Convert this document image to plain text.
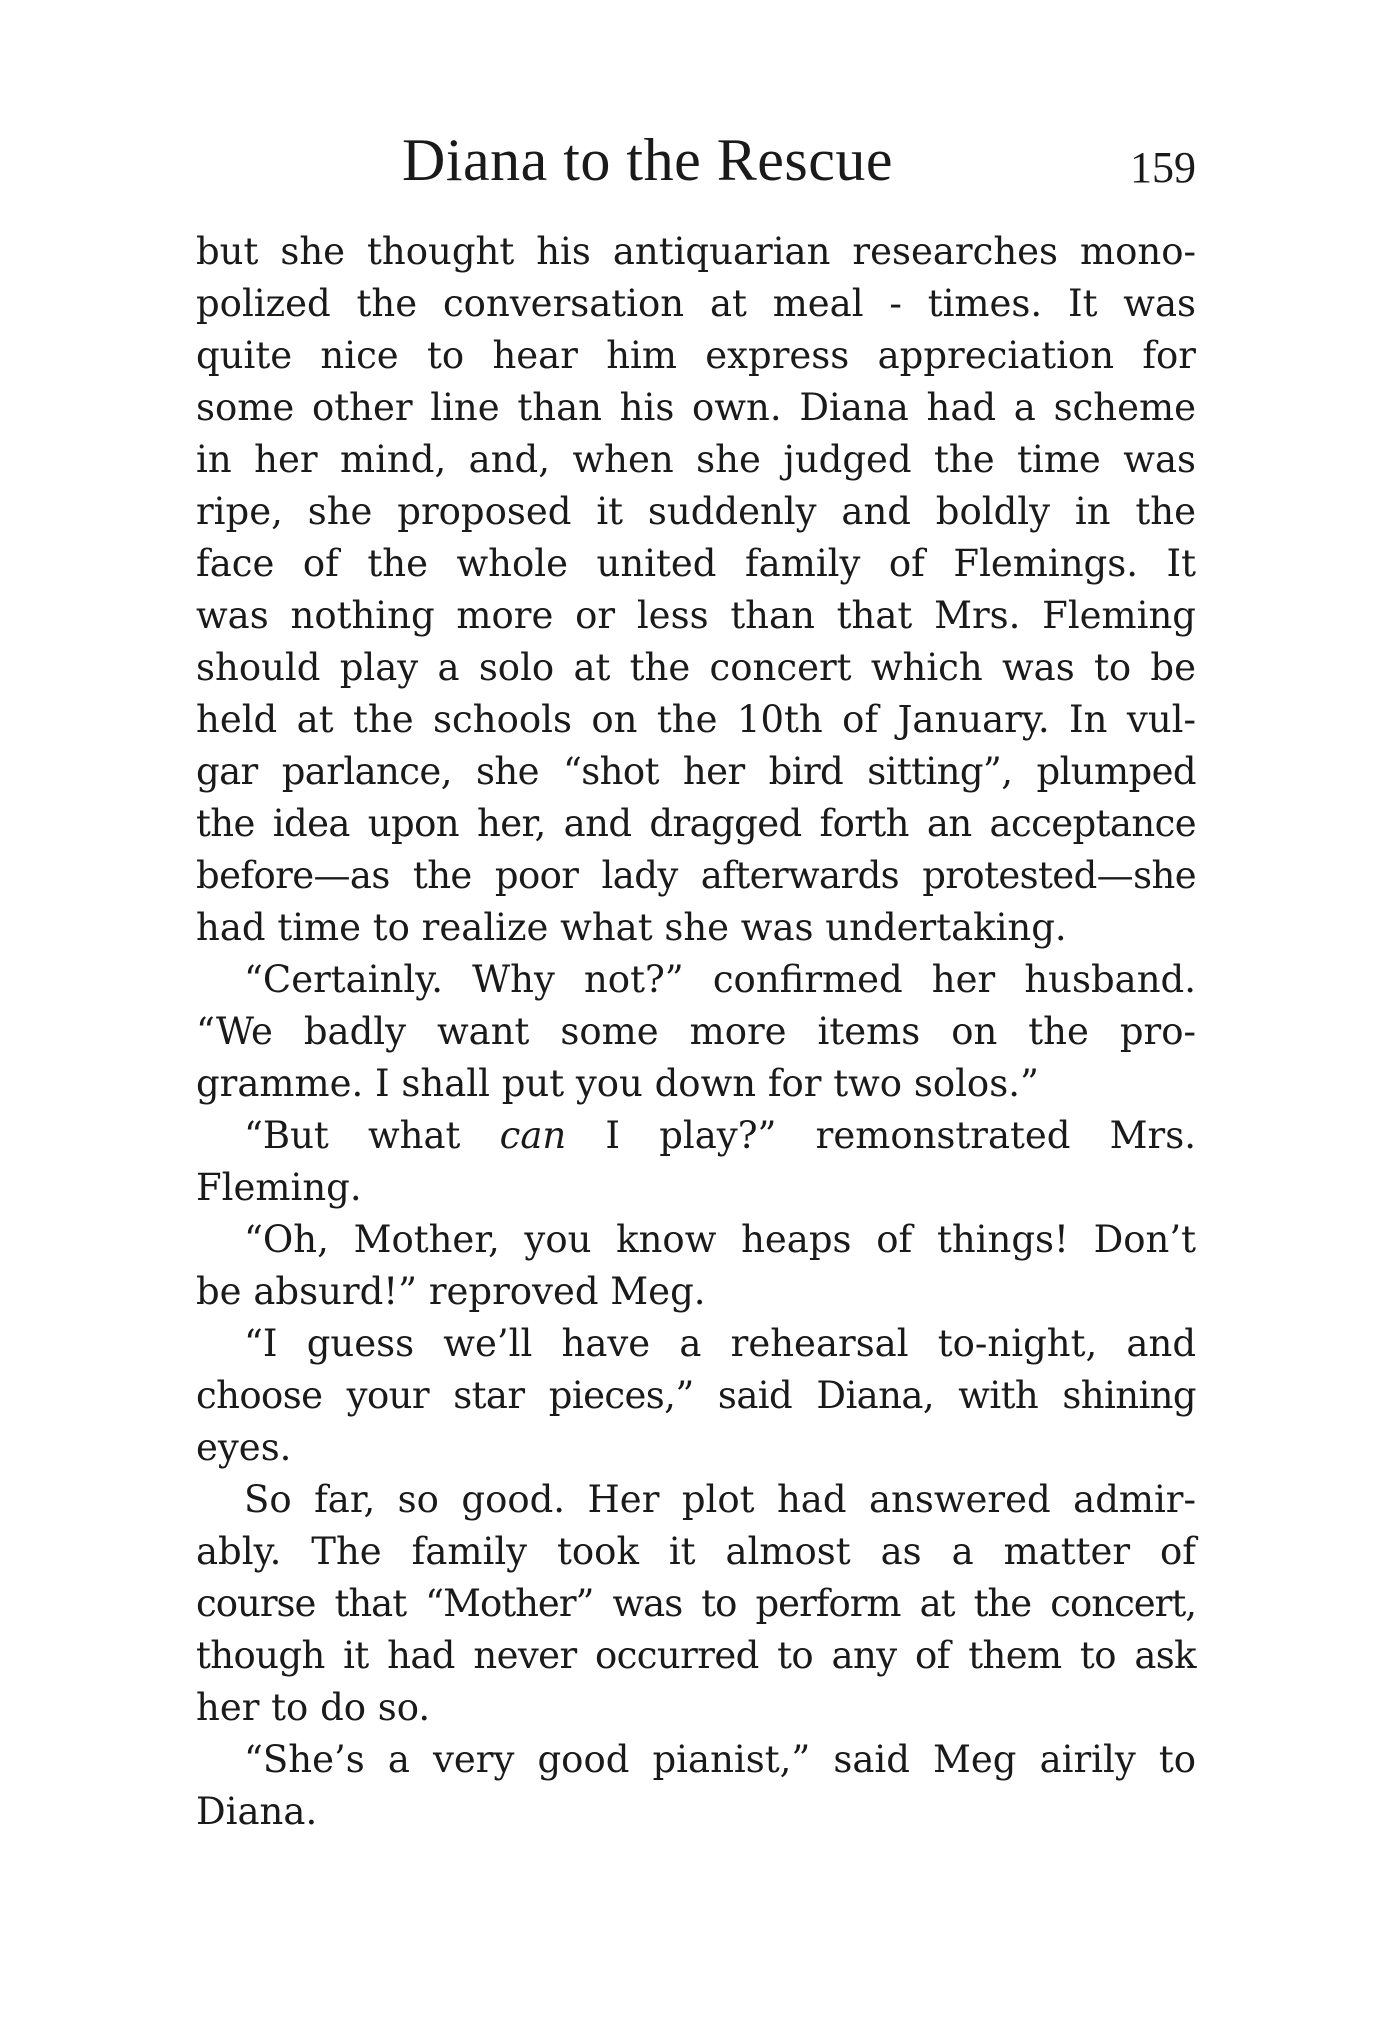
Diana to the Rescue	159
but she thought his antiquarian researches mono-
polized the conversation at meal - times. It was
quite nice to hear him express appreciation for
some other line than his own. Diana had a scheme
in her mind, and, when she judged the time was
ripe, she proposed it suddenly and boldly in the
face of the whole united family of Flemings. It
was nothing more or less than that Mrs. Fleming
should play a solo at the concert which was to be
held at the schools on the 10th of January. In vul-
gar parlance, she “shot her bird sitting”, plumped
the idea upon her, and dragged forth an acceptance
before—as the poor lady afterwards protested—she
had time to realize what she was undertaking.
“Certainly. Why not?” confirmed her husband.
“We badly want some more items on the pro-
gramme. I shall put you down for two solos.”
“But what can I play?” remonstrated Mrs.
Fleming.
“Oh, Mother, you know heaps of things! Don’t
be absurd!” reproved Meg.
“I guess we’ll have a rehearsal to-night, and
choose your star pieces,” said Diana, with shining
eyes.
So far, so good. Her plot had answered admir-
ably. The family took it almost as a matter of
course that “Mother” was to perform at the concert,
though it had never occurred to any of them to ask
her to do so.
“She’s a very good pianist,” said Meg airily to
Diana.
